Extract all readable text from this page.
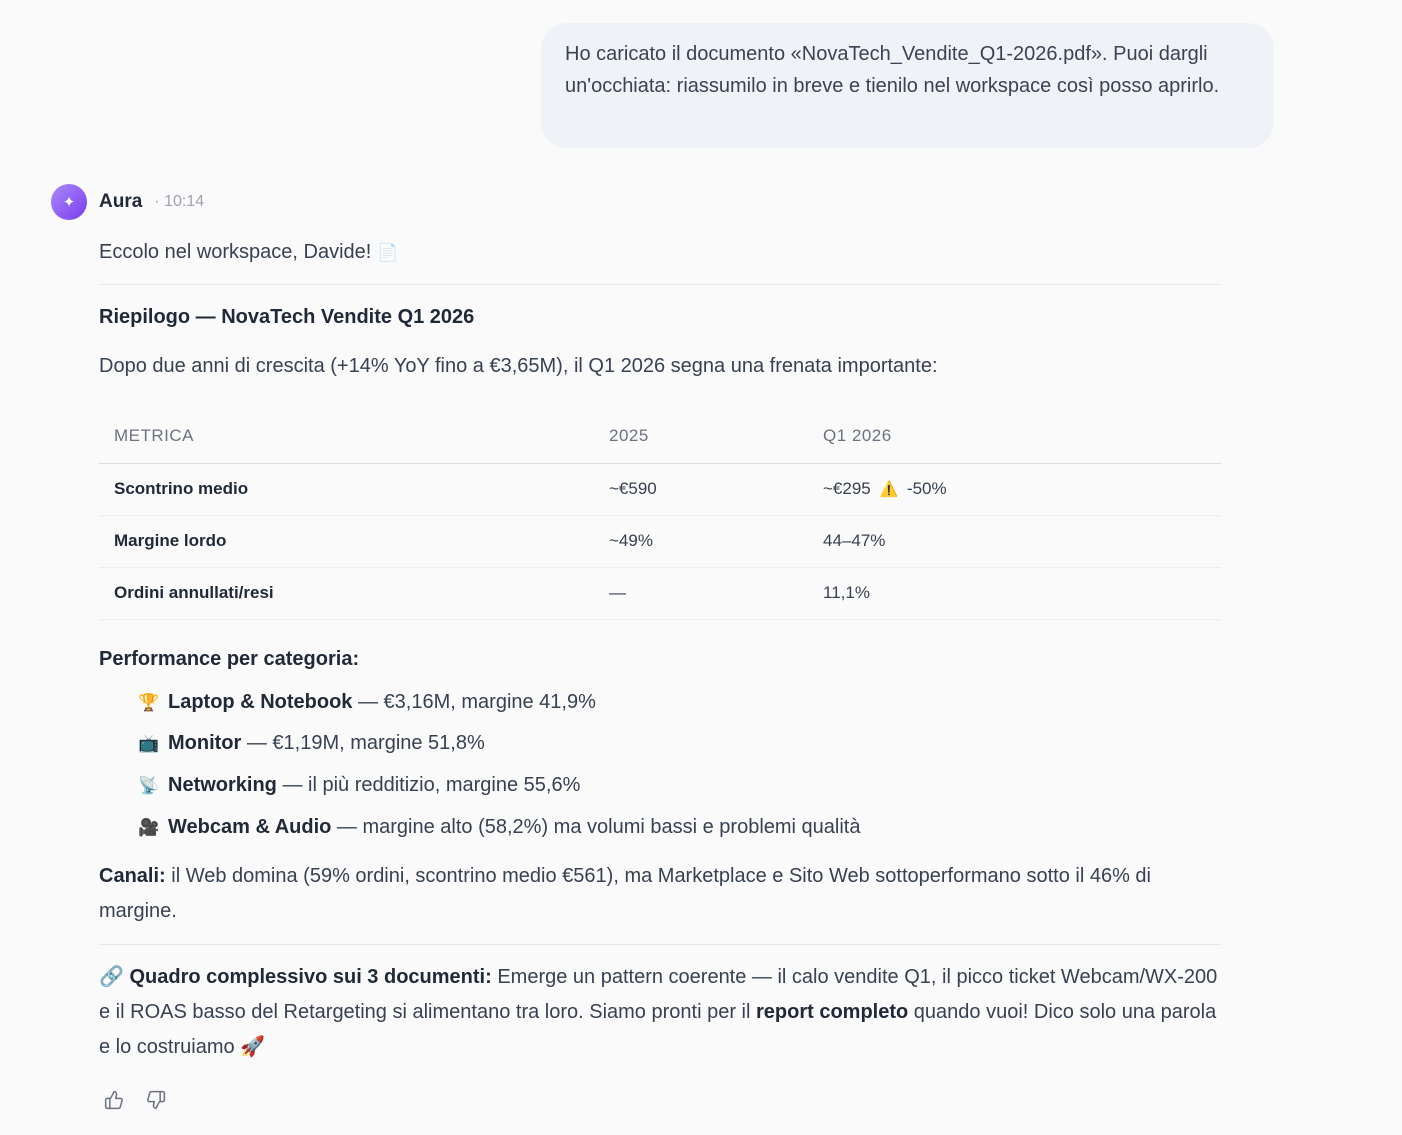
Ho caricato il documento «NovaTech_Vendite_Q1-2026.pdf». Puoi dargli un'occhiata: riassumilo in breve e tienilo nel workspace così posso aprirlo.
✦ Aura · 10:14
Eccolo nel workspace, Davide! 📄
Riepilogo — NovaTech Vendite Q1 2026
Dopo due anni di crescita (+14% YoY fino a €3,65M), il Q1 2026 segna una frenata importante:
METRICA	2025	Q1 2026
Scontrino medio	~€590	~€295 ⚠️ -50%
Margine lordo	~49%	44–47%
Ordini annullati/resi	—	11,1%
Performance per categoria:
🏆 Laptop & Notebook — €3,16M, margine 41,9%
📺 Monitor — €1,19M, margine 51,8%
📡 Networking — il più redditizio, margine 55,6%
🎥 Webcam & Audio — margine alto (58,2%) ma volumi bassi e problemi qualità
Canali: il Web domina (59% ordini, scontrino medio €561), ma Marketplace e Sito Web sottoperformano sotto il 46% di margine.
🔗 Quadro complessivo sui 3 documenti: Emerge un pattern coerente — il calo vendite Q1, il picco ticket Webcam/WX-200 e il ROAS basso del Retargeting si alimentano tra loro. Siamo pronti per il report completo quando vuoi! Dico solo una parola e lo costruiamo 🚀
